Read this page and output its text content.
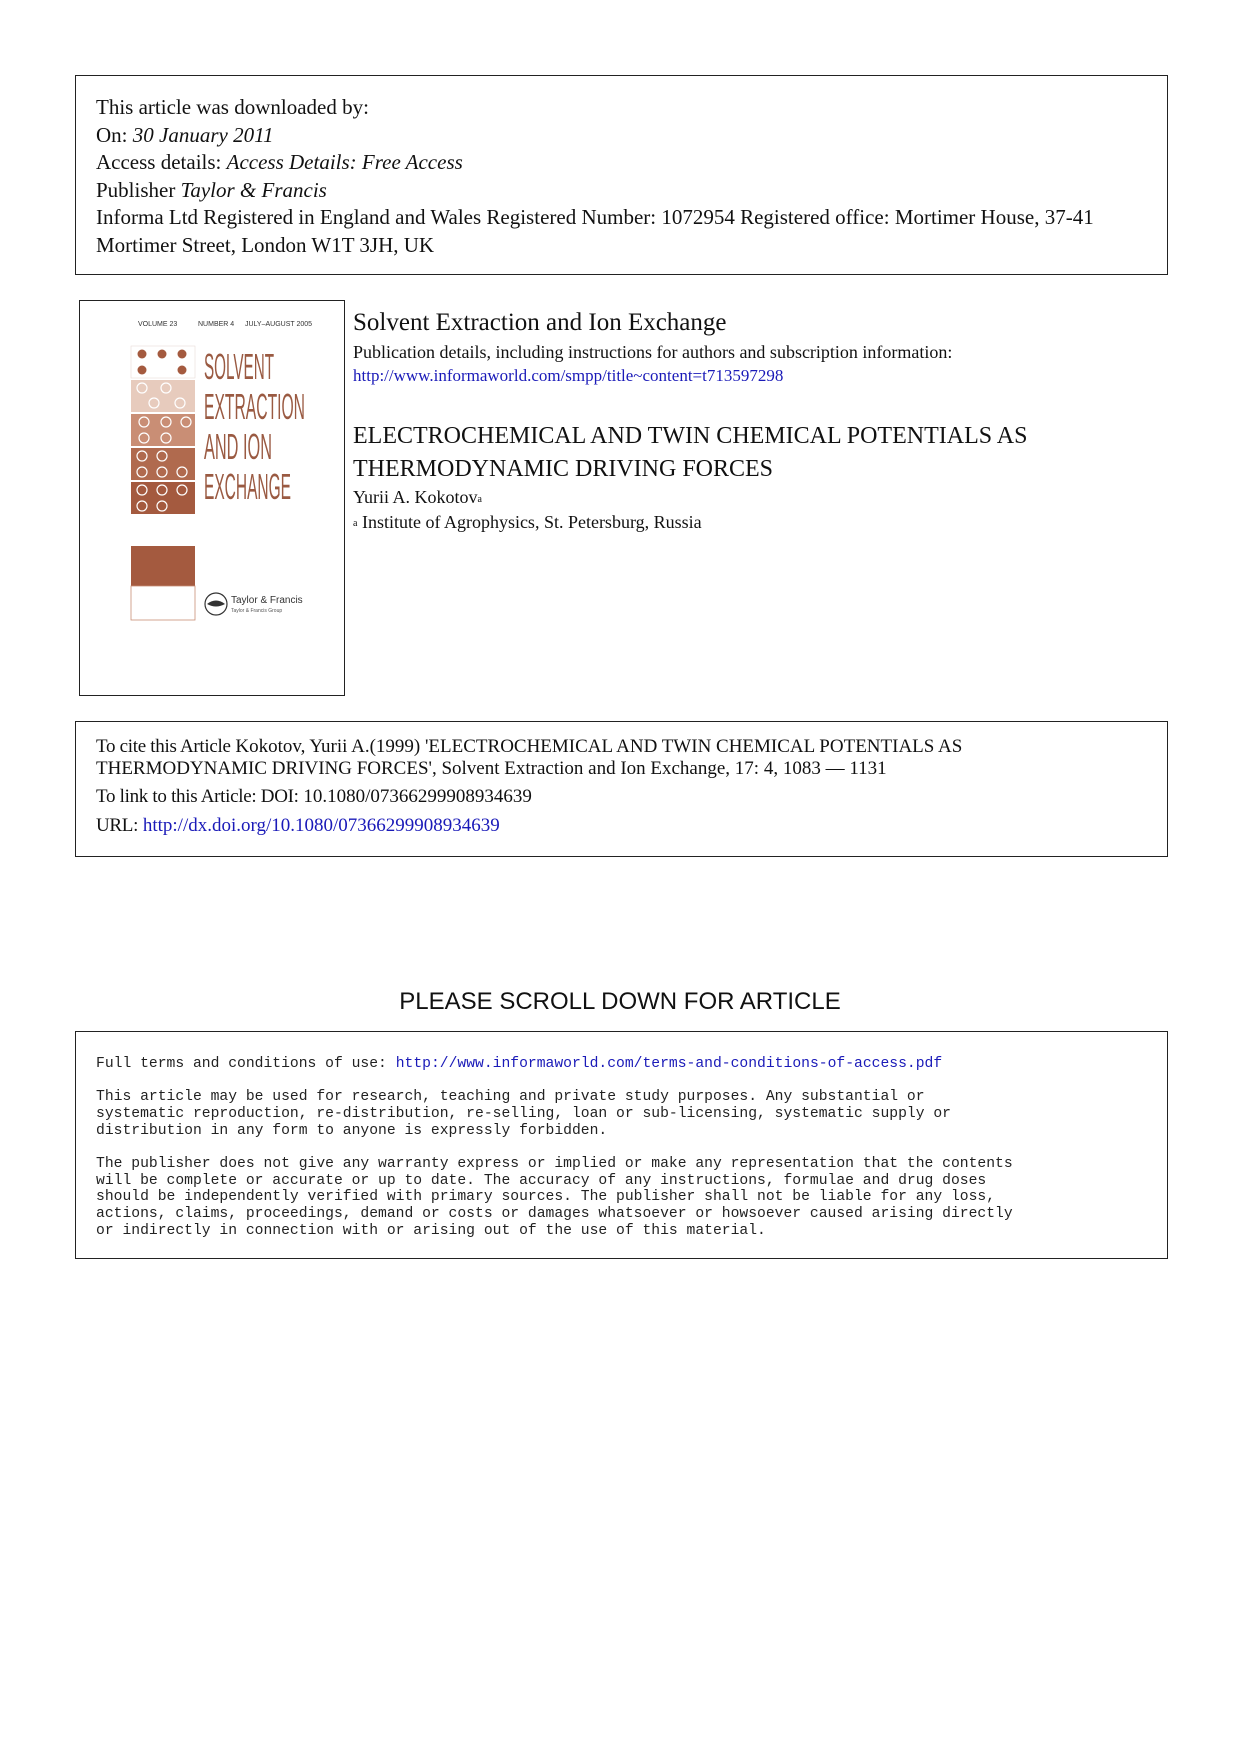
This article was downloaded by:
On: 30 January 2011
Access details: Access Details: Free Access
Publisher Taylor & Francis
Informa Ltd Registered in England and Wales Registered Number: 1072954 Registered office: Mortimer House, 37-41 Mortimer Street, London W1T 3JH, UK
VOLUME 23	NUMBER 4 JULY–AUGUST 2005
SOLVENT
EXTRACTION
AND ION
EXCHANGE
Taylor & Francis
Taylor & Francis Group
Solvent Extraction and Ion Exchange

Publication details, including instructions for authors and subscription information:

http://www.informaworld.com/smpp/title~content=t713597298

ELECTROCHEMICAL AND TWIN CHEMICAL POTENTIALS AS
THERMODYNAMIC DRIVING FORCES

Yurii A. Kokotov$^a$

$^a$ Institute of Agrophysics, St. Petersburg, Russia

To cite this Article Kokotov, Yurii A.(1999) 'ELECTROCHEMICAL AND TWIN CHEMICAL POTENTIALS AS
THERMODYNAMIC DRIVING FORCES', Solvent Extraction and Ion Exchange, 17: 4, 1083 — 1131

To link to this Article: DOI: 10.1080/07366299908934639

URL: http://dx.doi.org/10.1080/07366299908934639

PLEASE SCROLL DOWN FOR ARTICLE

Full terms and conditions of use: http://www.informaworld.com/terms-and-conditions-of-access.pdf

This article may be used for research, teaching and private study purposes. Any substantial or
systematic reproduction, re-distribution, re-selling, loan or sub-licensing, systematic supply or
distribution in any form to anyone is expressly forbidden.

The publisher does not give any warranty express or implied or make any representation that the contents
will be complete or accurate or up to date. The accuracy of any instructions, formulae and drug doses
should be independently verified with primary sources. The publisher shall not be liable for any loss,
actions, claims, proceedings, demand or costs or damages whatsoever or howsoever caused arising directly
or indirectly in connection with or arising out of the use of this material.
